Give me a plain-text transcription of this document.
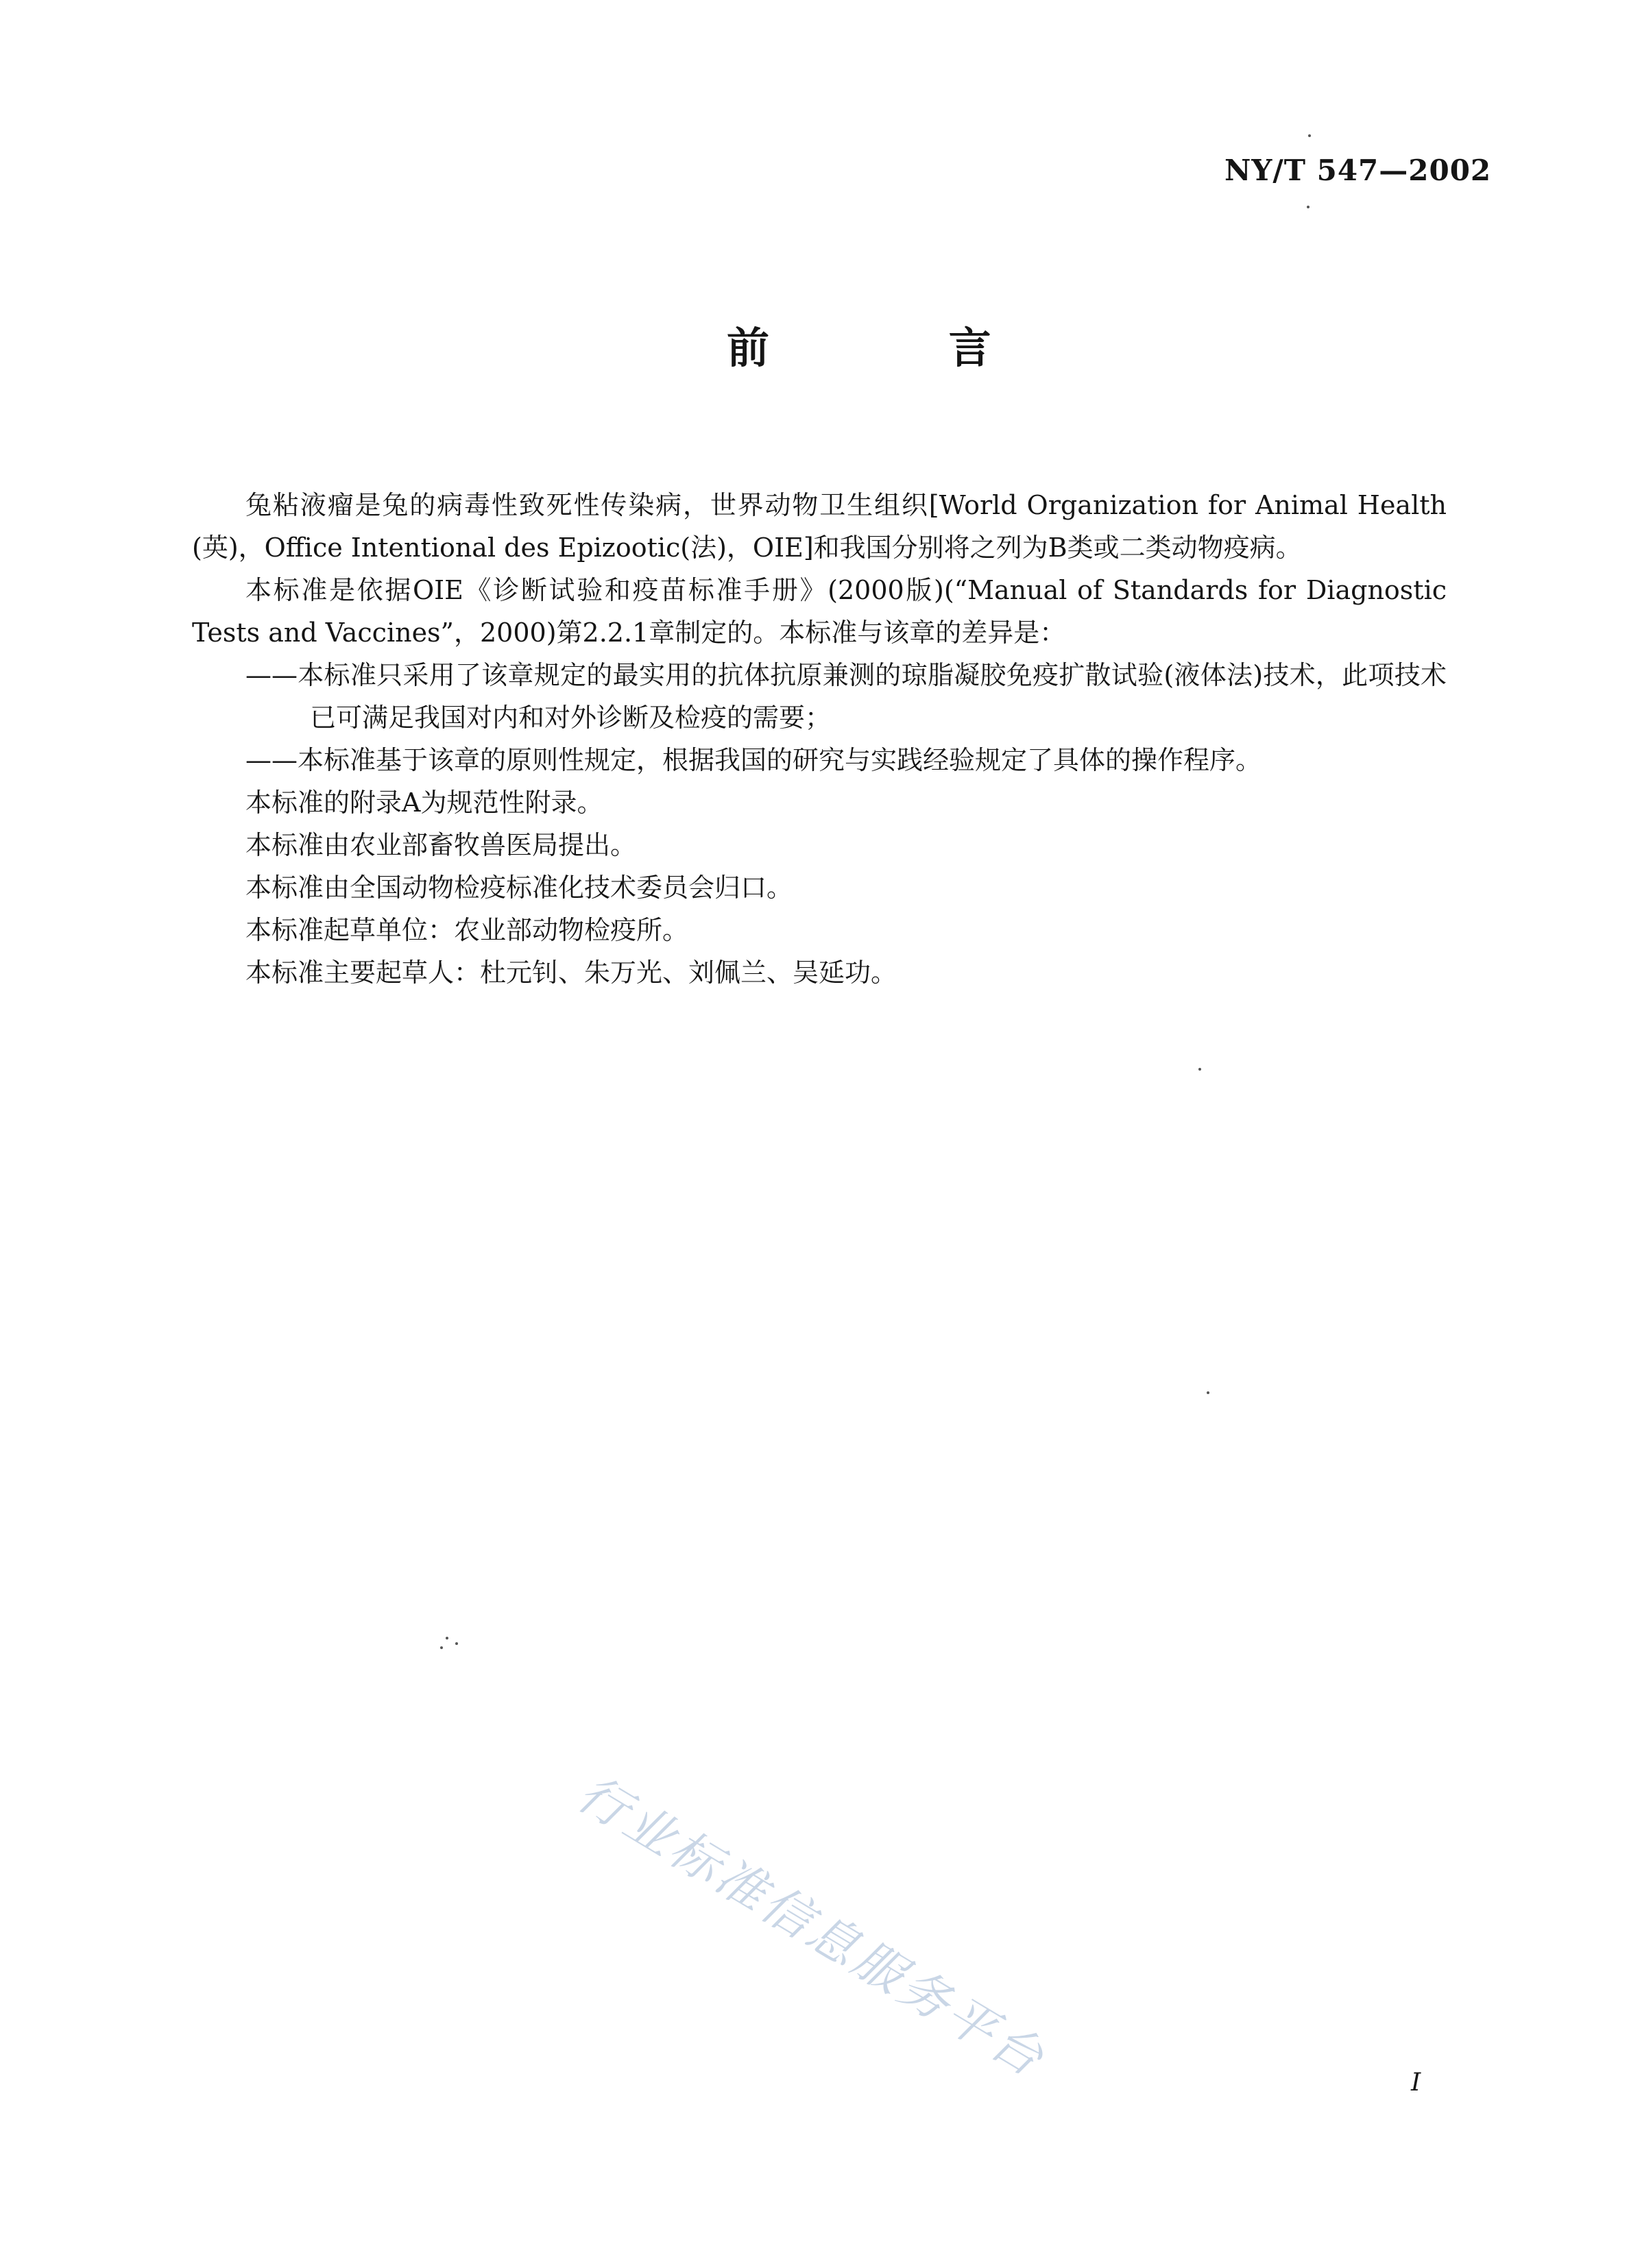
NY/T 547—2002
前 言

兔粘液瘤是兔的病毒性致死性传染病，世界动物卫生组织[World Organization for Animal Health (英)，Office Intentional des Epizootic(法)，OIE]和我国分别将之列为B类或二类动物疫病。

本标准是依据OIE《诊断试验和疫苗标准手册》(2000版)(“Manual of Standards for Diagnostic Tests and Vaccines”，2000)第2.2.1章制定的。本标准与该章的差异是：

——本标准只采用了该章规定的最实用的抗体抗原兼测的琼脂凝胶免疫扩散试验(液体法)技术，此项技术已可满足我国对内和对外诊断及检疫的需要；

——本标准基于该章的原则性规定，根据我国的研究与实践经验规定了具体的操作程序。

本标准的附录A为规范性附录。

本标准由农业部畜牧兽医局提出。

本标准由全国动物检疫标准化技术委员会归口。

本标准起草单位：农业部动物检疫所。

本标准主要起草人：杜元钊、朱万光、刘佩兰、吴延功。

行业标准信息服务平台	I
